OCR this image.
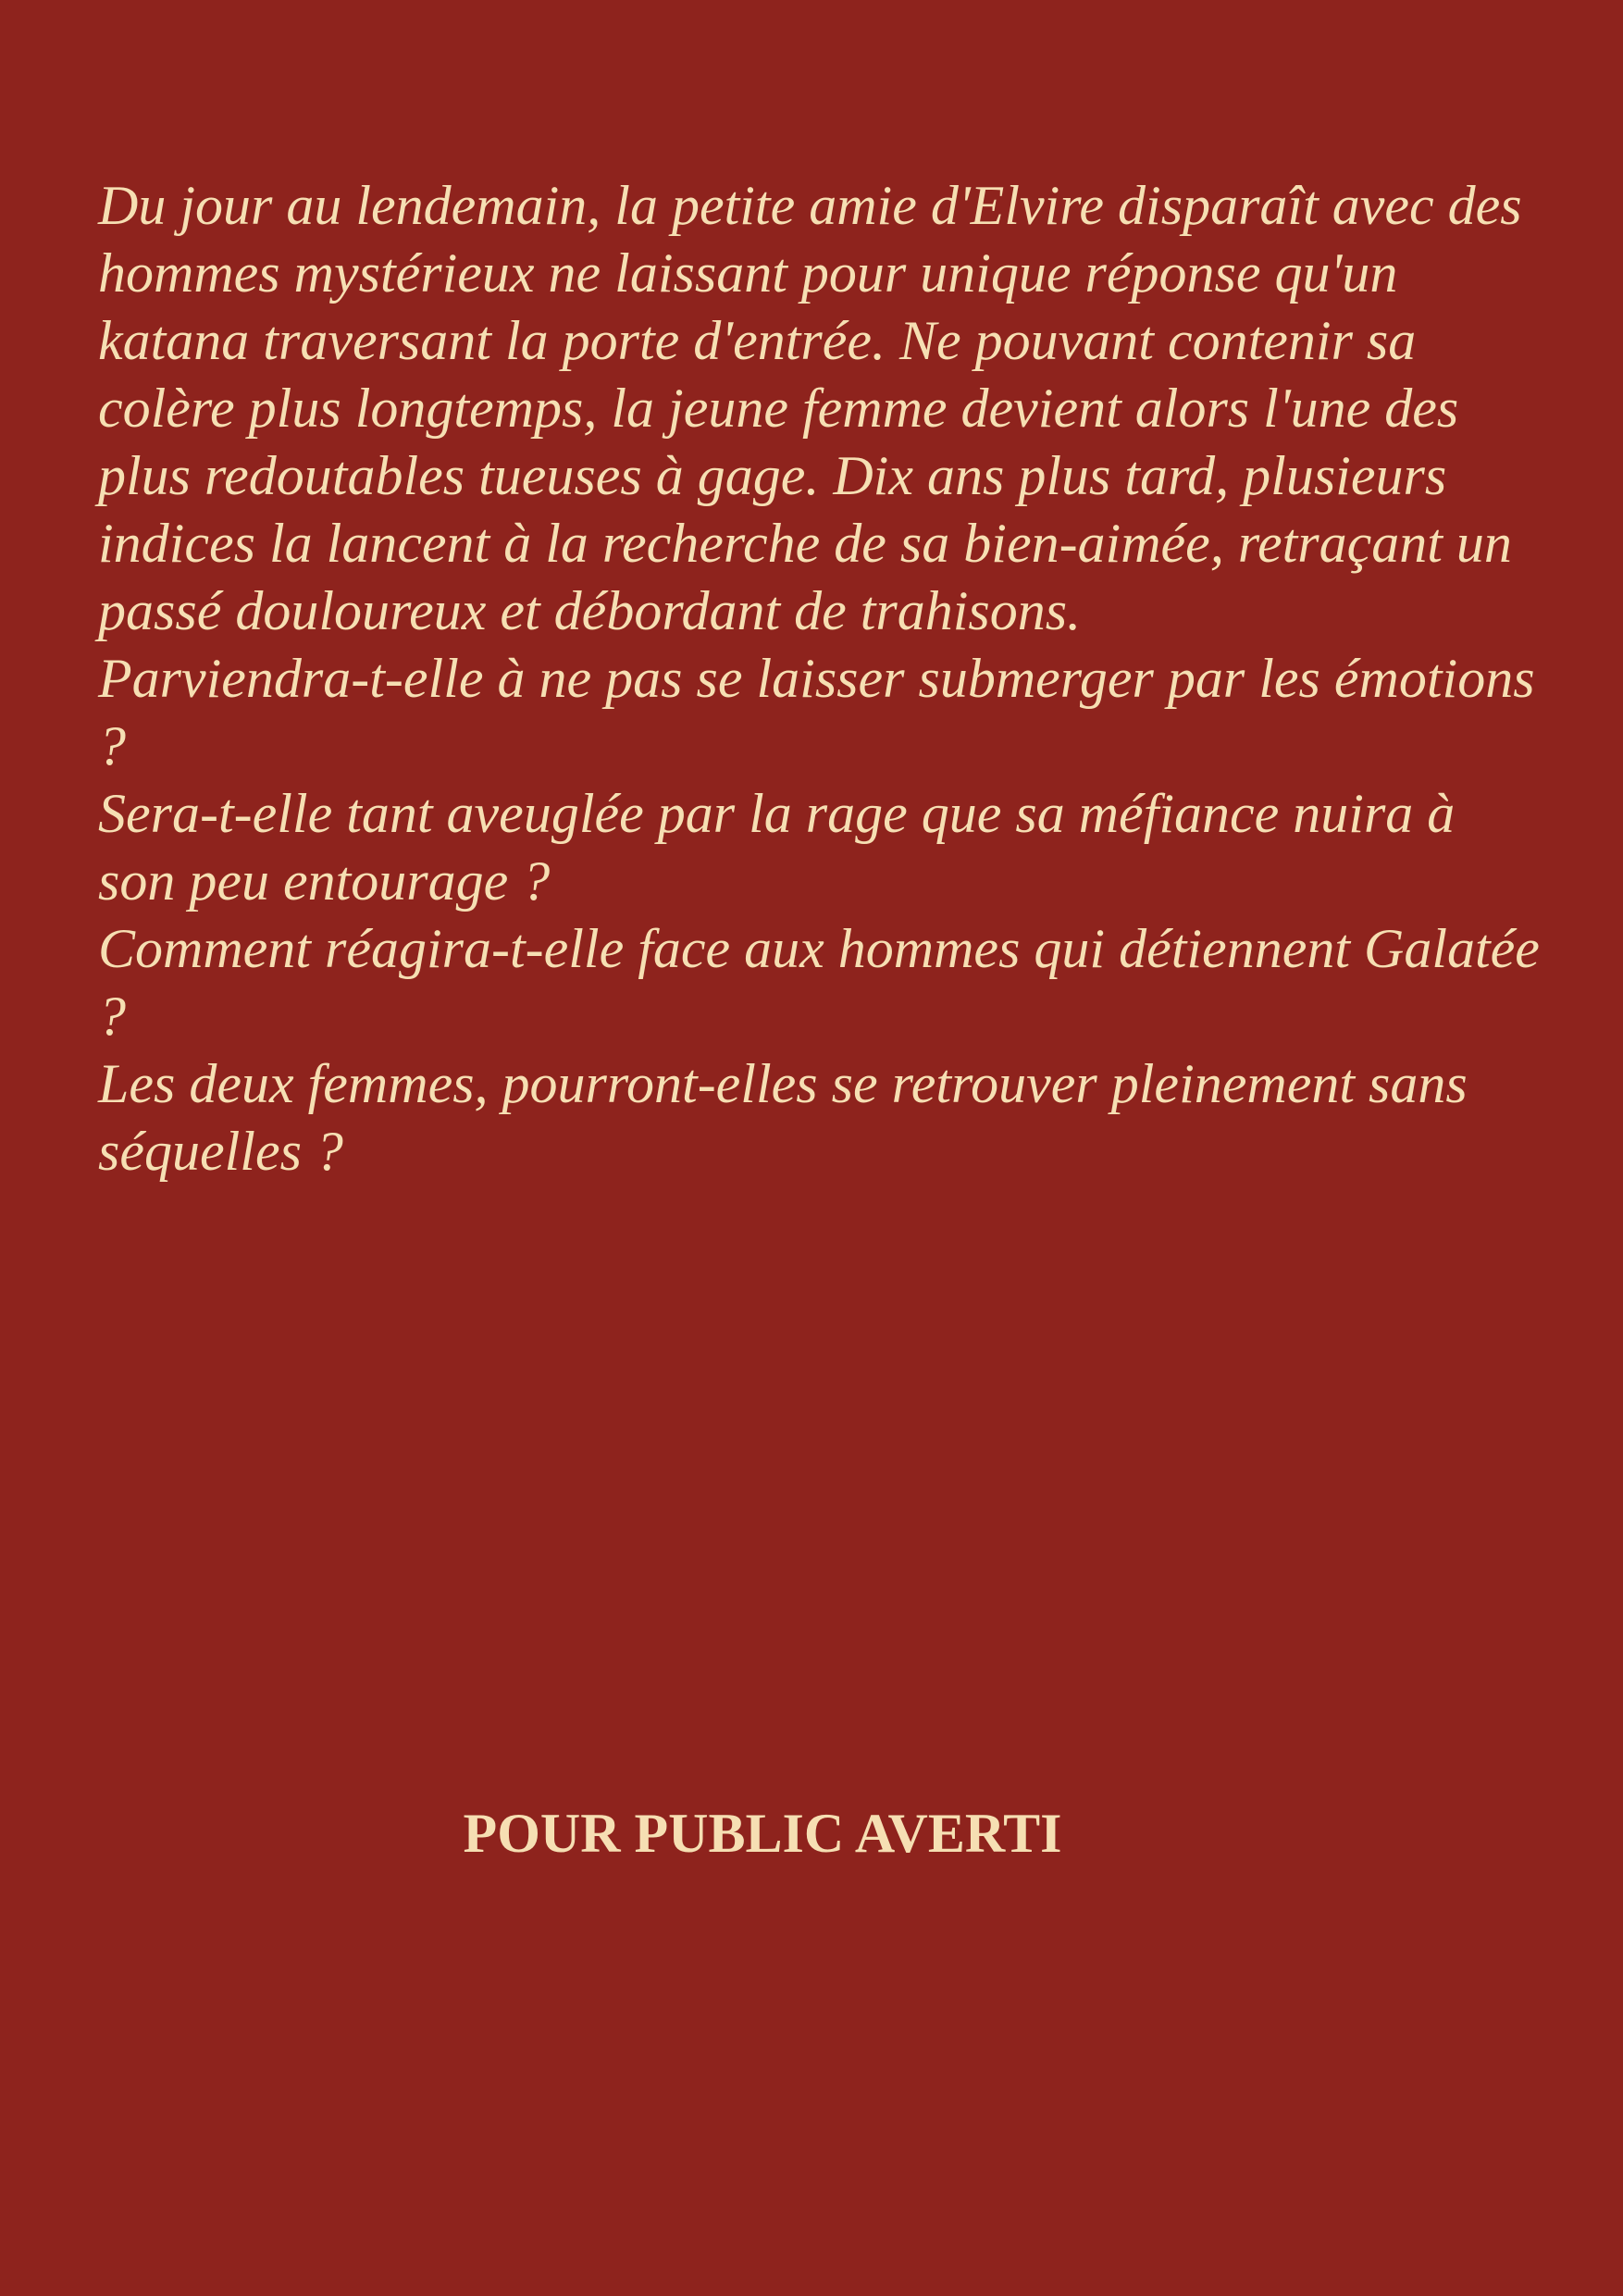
Du jour au lendemain, la petite amie d'Elvire disparaît avec des hommes mystérieux ne laissant pour unique réponse qu'un katana traversant la porte d'entrée. Ne pouvant contenir sa colère plus longtemps, la jeune femme devient alors l'une des plus redoutables tueuses à gage. Dix ans plus tard, plusieurs indices la lancent à la recherche de sa bien-aimée, retraçant un passé douloureux et débordant de trahisons.

Parviendra-t-elle à ne pas se laisser submerger par les émotions ?

Sera-t-elle tant aveuglée par la rage que sa méfiance nuira à son peu entourage ?

Comment réagira-t-elle face aux hommes qui détiennent Galatée ?

Les deux femmes, pourront-elles se retrouver pleinement sans séquelles ?

POUR PUBLIC AVERTI
